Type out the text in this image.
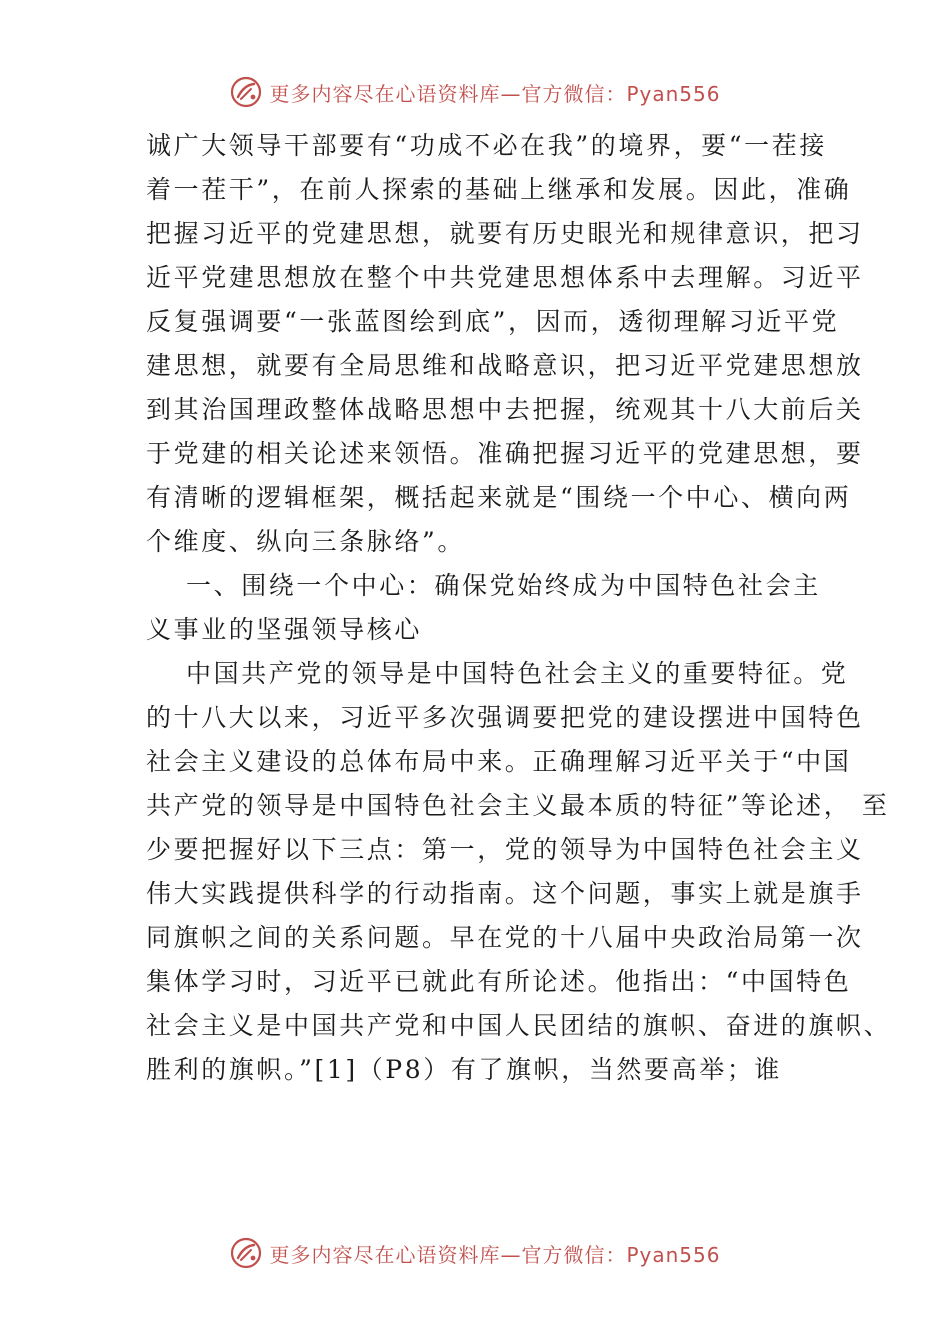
更多内容尽在心语资料库—官方微信：Pyan556
诚广大领导干部要有“功成不必在我”的境界，要“一茬接
着一茬干”，在前人探索的基础上继承和发展。因此，准确
把握习近平的党建思想，就要有历史眼光和规律意识，把习
近平党建思想放在整个中共党建思想体系中去理解。习近平
反复强调要“一张蓝图绘到底”，因而，透彻理解习近平党
建思想，就要有全局思维和战略意识，把习近平党建思想放
到其治国理政整体战略思想中去把握，统观其十八大前后关
于党建的相关论述来领悟。准确把握习近平的党建思想，要
有清晰的逻辑框架，概括起来就是“围绕一个中心、横向两
个维度、纵向三条脉络”。
一、围绕一个中心：确保党始终成为中国特色社会主
义事业的坚强领导核心
中国共产党的领导是中国特色社会主义的重要特征。党
的十八大以来，习近平多次强调要把党的建设摆进中国特色
社会主义建设的总体布局中来。正确理解习近平关于“中国
共产党的领导是中国特色社会主义最本质的特征”等论述， 至
少要把握好以下三点：第一，党的领导为中国特色社会主义
伟大实践提供科学的行动指南。这个问题，事实上就是旗手
同旗帜之间的关系问题。早在党的十八届中央政治局第一次
集体学习时，习近平已就此有所论述。他指出：“中国特色
社会主义是中国共产党和中国人民团结的旗帜、奋进的旗帜、
胜利的旗帜。”[1]（P8）有了旗帜，当然要高举；谁
更多内容尽在心语资料库—官方微信：Pyan556
